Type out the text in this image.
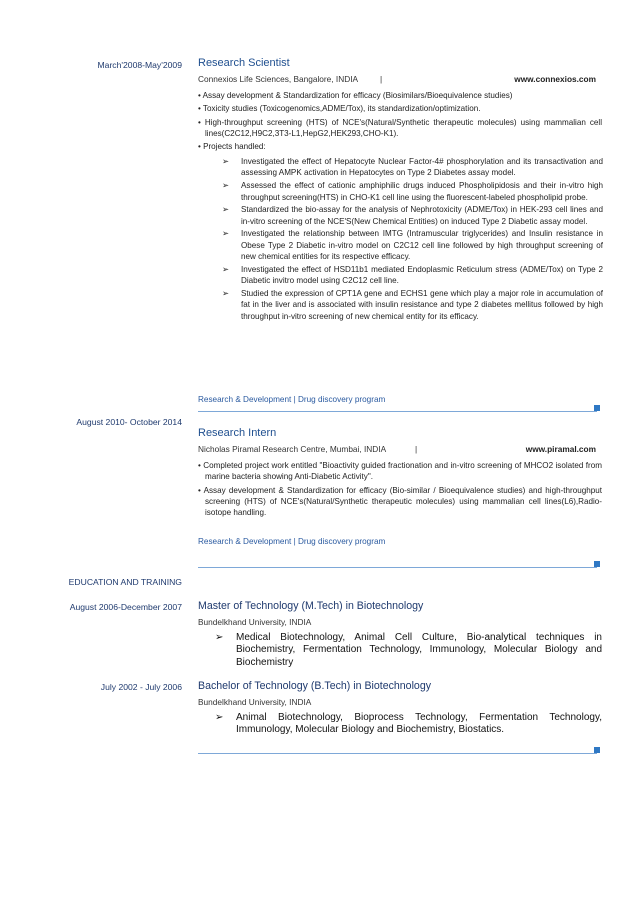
March'2008-May'2009 Research Scientist
Connexios Life Sciences, Bangalore, INDIA	|	www.connexios.com
• Assay development & Standardization for efficacy (Biosimilars/Bioequivalence studies)
• Toxicity studies (Toxicogenomics,ADME/Tox), its standardization/optimization.
• High-throughput screening (HTS) of NCE's(Natural/Synthetic therapeutic molecules) using mammalian cell lines(C2C12,H9C2,3T3-L1,HepG2,HEK293,CHO-K1).
• Projects handled:
➢ Investigated the effect of Hepatocyte Nuclear Factor-4# phosphorylation and its transactivation and assessing AMPK activation in Hepatocytes on Type 2 Diabetes assay model.
➢ Assessed the effect of cationic amphiphilic drugs induced Phospholipidosis and their in-vitro high throughput screening(HTS) in CHO-K1 cell line using the fluorescent-labeled phospholipid probe.
➢ Standardized the bio-assay for the analysis of Nephrotoxicity (ADME/Tox) in HEK-293 cell lines and in-vitro screening of the NCE'S(New Chemical Entities) on induced Type 2 Diabetic assay model.
➢ Investigated the relationship between IMTG (Intramuscular triglycerides) and Insulin resistance in Obese Type 2 Diabetic in-vitro model on C2C12 cell line followed by high throughput screening of new chemical entities for its respective efficacy.
➢ Investigated the effect of HSD11b1 mediated Endoplasmic Reticulum stress (ADME/Tox) on Type 2 Diabetic invitro model using C2C12 cell line.
➢ Studied the expression of CPT1A gene and ECHS1 gene which play a major role in accumulation of fat in the liver and is associated with insulin resistance and type 2 diabetes mellitus followed by high throughput in-vitro screening of new chemical entity for its efficacy.
Research & Development | Drug discovery program
August 2010- October 2014
Research Intern
Nicholas Piramal Research Centre, Mumbai, INDIA	|	www.piramal.com
• Completed project work entitled "Bioactivity guided fractionation and in-vitro screening of MHCO2 isolated from marine bacteria showing Anti-Diabetic Activity".
• Assay development & Standardization for efficacy (Bio-similar / Bioequivalence studies) and high-throughput screening (HTS) of NCE's(Natural/Synthetic therapeutic molecules) using mammalian cell lines(L6),Radio-isotope handling.
Research & Development | Drug discovery program
EDUCATION AND TRAINING
August 2006-December 2007 Master of Technology (M.Tech) in Biotechnology
Bundelkhand University, INDIA
➢ Medical Biotechnology, Animal Cell Culture, Bio-analytical techniques in Biochemistry, Fermentation Technology, Immunology, Molecular Biology and Biochemistry
July 2002 - July 2006 Bachelor of Technology (B.Tech) in Biotechnology
Bundelkhand University, INDIA
➢ Animal Biotechnology, Bioprocess Technology, Fermentation Technology, Immunology, Molecular Biology and Biochemistry, Biostatics.
